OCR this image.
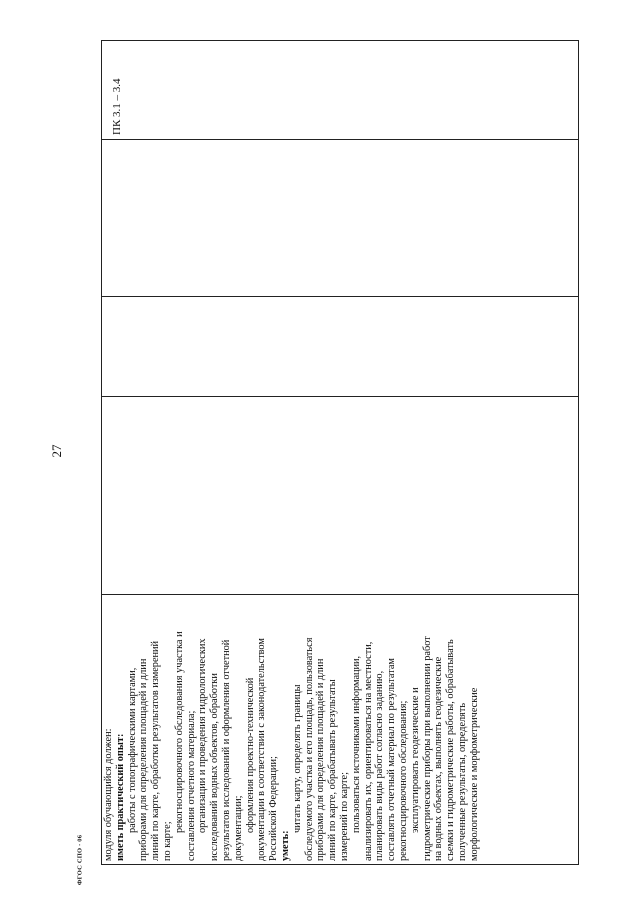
27
ФГОС СПО - 06 модуля обучающийся должен: иметь практический опыт: работы с топографическими картами, приборами для определения площадей и длин линий по карте, обработки результатов измерений по карте;
рекогносцировочного обследования участка и составления отчетного материала; организации и проведения гидрологических исследований водных объектов, обработки результатов исследований и оформления отчетной документации; оформления проектно-технической документации в соответствии с законодательством Российской Федерации; уметь:
читать карту, определять границы обследуемого участка и его площадь, пользоваться приборами для определения площадей и длин линий по карте, обрабатывать результаты измерений по карте; пользоваться источниками информации, анализировать их, ориентироваться на местности, планировать виды работ согласно заданию, составлять отчетный материал по результатам рекогносцировочного обследования; эксплуатировать геодезические и гидрометрические приборы при выполнении работ на водных объектах, выполнять геодезические съемки и гидрометрические работы, обрабатывать полученные результаты, определять морфологические и морфометрические
ПК 3.1 – 3.4
